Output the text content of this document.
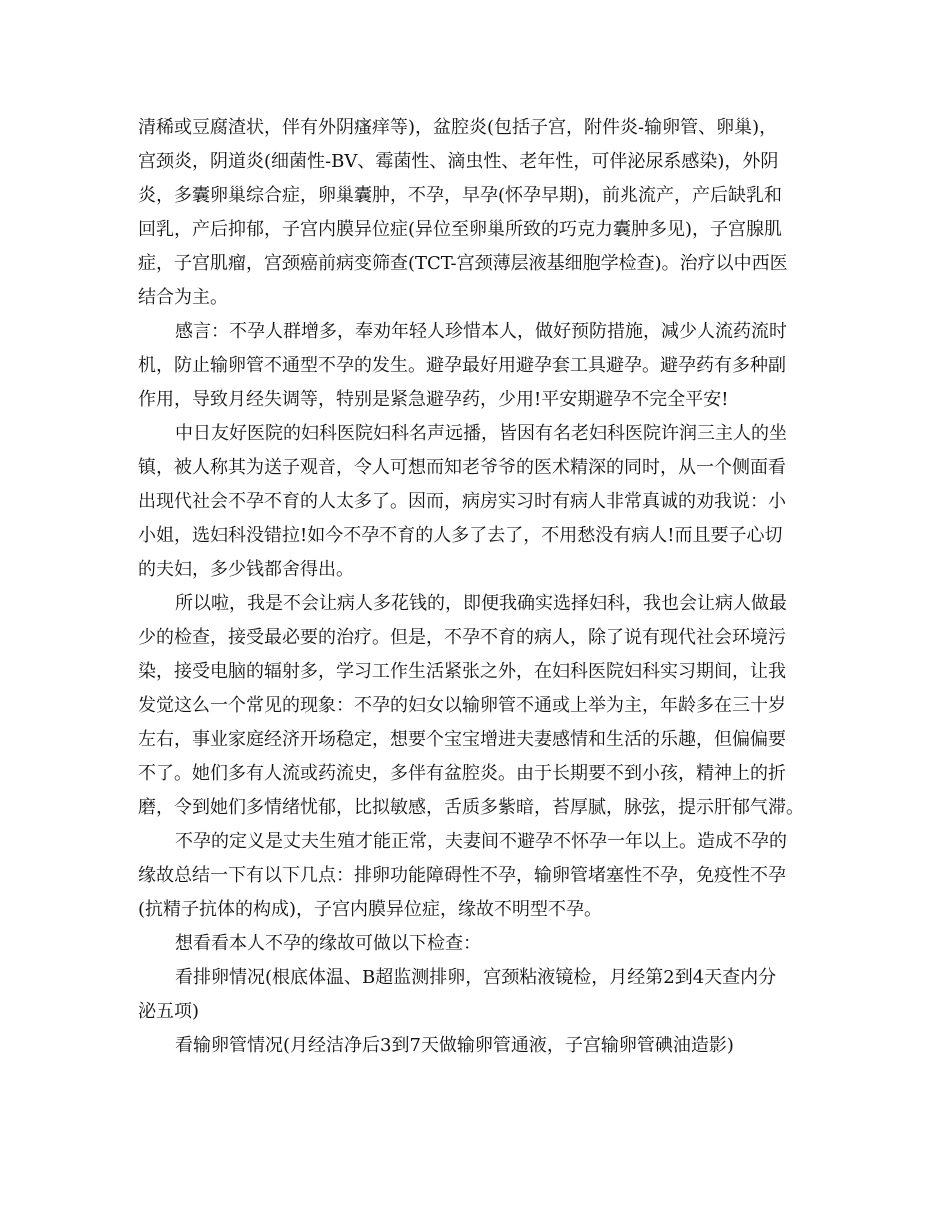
清稀或豆腐渣状，伴有外阴瘙痒等)，盆腔炎(包括子宫，附件炎-输卵管、卵巢)，
宫颈炎，阴道炎(细菌性-BV、霉菌性、滴虫性、老年性，可伴泌尿系感染)，外阴
炎，多囊卵巢综合症，卵巢囊肿，不孕，早孕(怀孕早期)，前兆流产，产后缺乳和
回乳，产后抑郁，子宫内膜异位症(异位至卵巢所致的巧克力囊肿多见)，子宫腺肌
症，子宫肌瘤，宫颈癌前病变筛查(TCT-宫颈薄层液基细胞学检查)。治疗以中西医
结合为主。
感言：不孕人群增多，奉劝年轻人珍惜本人，做好预防措施，减少人流药流时
机，防止输卵管不通型不孕的发生。避孕最好用避孕套工具避孕。避孕药有多种副
作用，导致月经失调等，特别是紧急避孕药，少用!平安期避孕不完全平安!
中日友好医院的妇科医院妇科名声远播，皆因有名老妇科医院许润三主人的坐
镇，被人称其为送子观音，令人可想而知老爷爷的医术精深的同时，从一个侧面看
出现代社会不孕不育的人太多了。因而，病房实习时有病人非常真诚的劝我说：小
小姐，选妇科没错拉!如今不孕不育的人多了去了，不用愁没有病人!而且要子心切
的夫妇，多少钱都舍得出。
所以啦，我是不会让病人多花钱的，即便我确实选择妇科，我也会让病人做最
少的检查，接受最必要的治疗。但是，不孕不育的病人，除了说有现代社会环境污
染，接受电脑的辐射多，学习工作生活紧张之外，在妇科医院妇科实习期间，让我
发觉这么一个常见的现象：不孕的妇女以输卵管不通或上举为主，年龄多在三十岁
左右，事业家庭经济开场稳定，想要个宝宝增进夫妻感情和生活的乐趣，但偏偏要
不了。她们多有人流或药流史，多伴有盆腔炎。由于长期要不到小孩，精神上的折
磨，令到她们多情绪忧郁，比拟敏感，舌质多紫暗，苔厚腻，脉弦，提示肝郁气滞。
不孕的定义是丈夫生殖才能正常，夫妻间不避孕不怀孕一年以上。造成不孕的
缘故总结一下有以下几点：排卵功能障碍性不孕，输卵管堵塞性不孕，免疫性不孕
(抗精子抗体的构成)，子宫内膜异位症，缘故不明型不孕。
想看看本人不孕的缘故可做以下检查：
看排卵情况(根底体温、B超监测排卵，宫颈粘液镜检，月经第2到4天查内分
泌五项)
看输卵管情况(月经洁净后3到7天做输卵管通液，子宫输卵管碘油造影)
